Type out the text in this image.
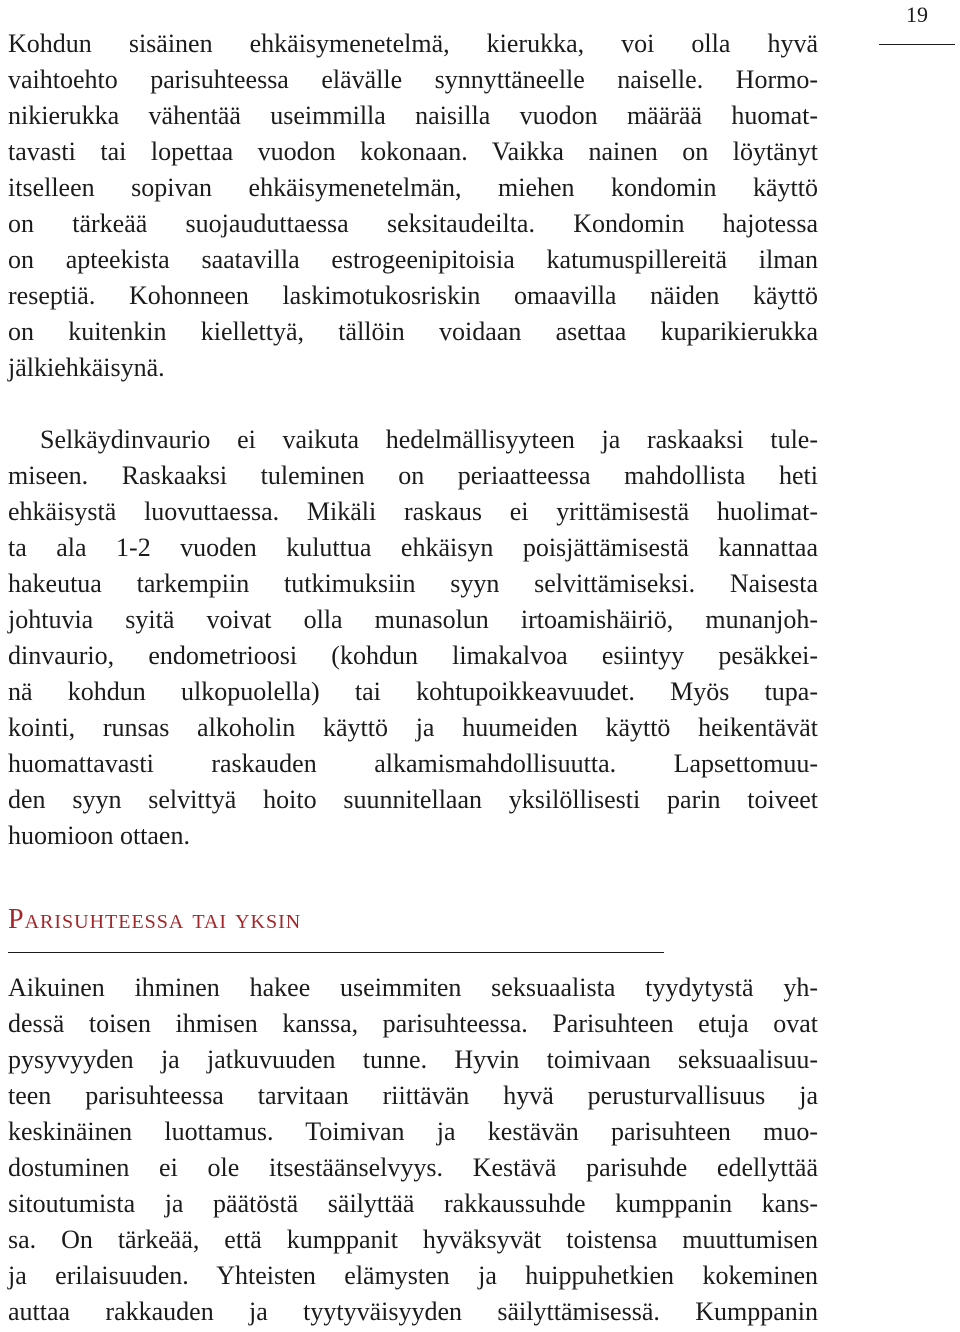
19
Kohdun sisäinen ehkäisymenetelmä, kierukka, voi olla hyvä
vaihtoehto parisuhteessa elävälle synnyttäneelle naiselle. Hormo-
nikierukka vähentää useimmilla naisilla vuodon määrää huomat-
tavasti tai lopettaa vuodon kokonaan. Vaikka nainen on löytänyt
itselleen sopivan ehkäisymenetelmän, miehen kondomin käyttö
on tärkeää suojauduttaessa seksitaudeilta. Kondomin hajotessa
on apteekista saatavilla estrogeenipitoisia katumuspillereitä ilman
reseptiä. Kohonneen laskimotukosriskin omaavilla näiden käyttö
on kuitenkin kiellettyä, tällöin voidaan asettaa kuparikierukka
jälkiehkäisynä.
Selkäydinvaurio ei vaikuta hedelmällisyyteen ja raskaaksi tule-
miseen. Raskaaksi tuleminen on periaatteessa mahdollista heti
ehkäisystä luovuttaessa. Mikäli raskaus ei yrittämisestä huolimat-
ta ala 1-2 vuoden kuluttua ehkäisyn poisjättämisestä kannattaa
hakeutua tarkempiin tutkimuksiin syyn selvittämiseksi. Naisesta
johtuvia syitä voivat olla munasolun irtoamishäiriö, munanjoh-
dinvaurio, endometrioosi (kohdun limakalvoa esiintyy pesäkkei-
nä kohdun ulkopuolella) tai kohtupoikkeavuudet. Myös tupa-
kointi, runsas alkoholin käyttö ja huumeiden käyttö heikentävät
huomattavasti raskauden alkamismahdollisuutta. Lapsettomuu-
den syyn selvittyä hoito suunnitellaan yksilöllisesti parin toiveet
huomioon ottaen.
Parisuhteessa tai yksin
Aikuinen ihminen hakee useimmiten seksuaalista tyydytystä yh-
dessä toisen ihmisen kanssa, parisuhteessa. Parisuhteen etuja ovat
pysyvyyden ja jatkuvuuden tunne. Hyvin toimivaan seksuaalisuu-
teen parisuhteessa tarvitaan riittävän hyvä perusturvallisuus ja
keskinäinen luottamus. Toimivan ja kestävän parisuhteen muo-
dostuminen ei ole itsestäänselvyys. Kestävä parisuhde edellyttää
sitoutumista ja päätöstä säilyttää rakkaussuhde kumppanin kans-
sa. On tärkeää, että kumppanit hyväksyvät toistensa muuttumisen
ja erilaisuuden. Yhteisten elämysten ja huippuhetkien kokeminen
auttaa rakkauden ja tyytyväisyyden säilyttämisessä. Kumppanin
